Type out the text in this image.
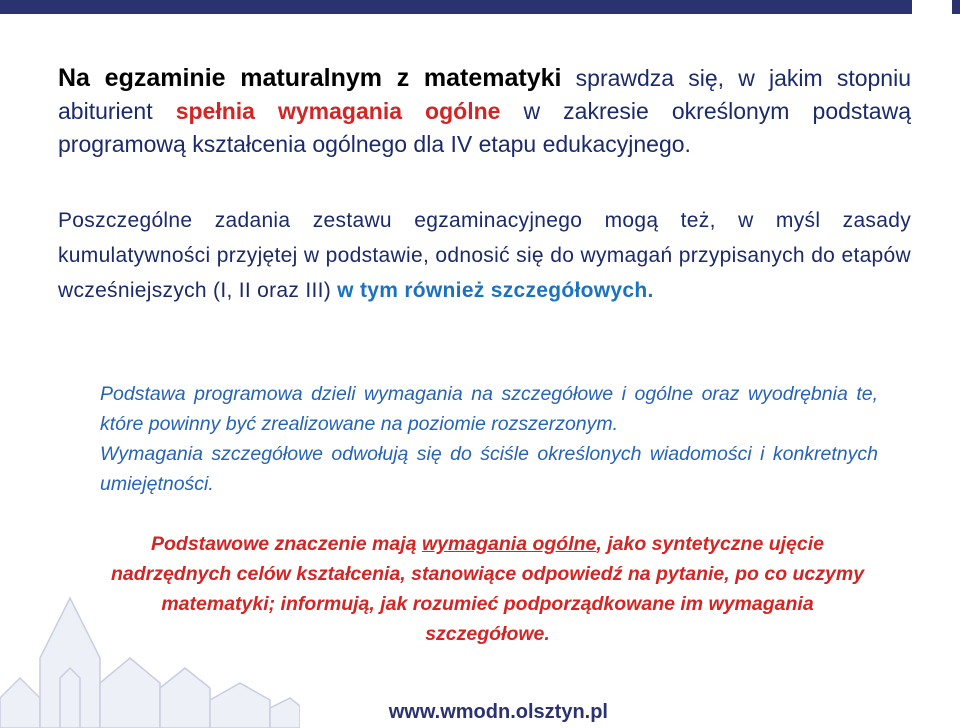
Na egzaminie maturalnym z matematyki sprawdza się, w jakim stopniu abiturient spełnia wymagania ogólne w zakresie określonym podstawą programową kształcenia ogólnego dla IV etapu edukacyjnego.
Poszczególne zadania zestawu egzaminacyjnego mogą też, w myśl zasady kumulatywności przyjętej w podstawie, odnosić się do wymagań przypisanych do etapów wcześniejszych (I, II oraz III) w tym również szczegółowych.
Podstawa programowa dzieli wymagania na szczegółowe i ogólne oraz wyodrębnia te, które powinny być zrealizowane na poziomie rozszerzonym.
Wymagania szczegółowe odwołują się do ściśle określonych wiadomości i konkretnych umiejętności.
Podstawowe znaczenie mają wymagania ogólne, jako syntetyczne ujęcie nadrzędnych celów kształcenia, stanowiące odpowiedź na pytanie, po co uczymy matematyki; informują, jak rozumieć podporządkowane im wymagania szczegółowe.
www.wmodn.olsztyn.pl
